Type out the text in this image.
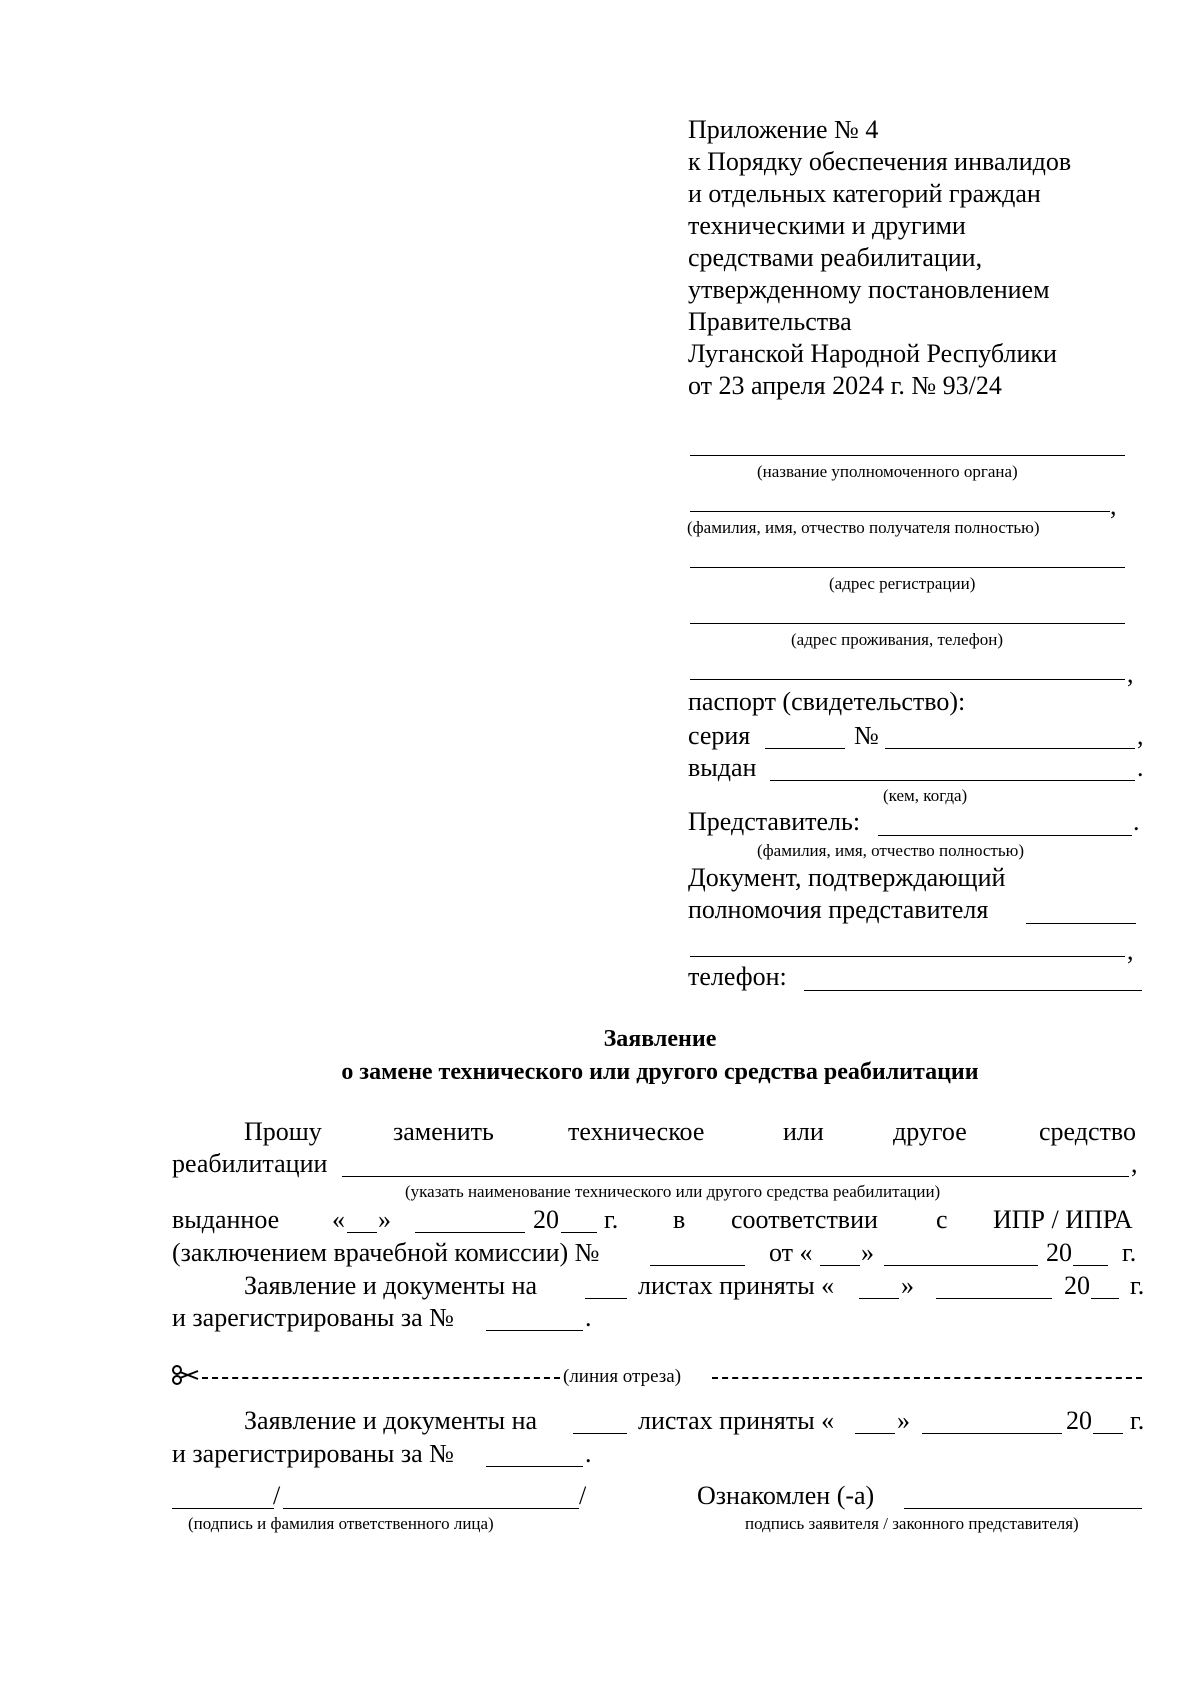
Приложение № 4
к Порядку обеспечения инвалидов
и отдельных категорий граждан
техническими и другими
средствами реабилитации,
утвержденному постановлением
Правительства
Луганской Народной Республики
от 23 апреля 2024 г. № 93/24
(название уполномоченного органа)
,
(фамилия, имя, отчество получателя полностью)
(адрес регистрации)
(адрес проживания, телефон)
,
паспорт (свидетельство):
серия	№	,
выдан	.
(кем, когда)
Представитель:	.
(фамилия, имя, отчество полностью)
Документ, подтверждающий
полномочия представителя
,
телефон:
Заявление
о замене технического или другого средства реабилитации
Прошу	заменить	техническое	или	другое	средство
реабилитации	,
(указать наименование технического или другого средства реабилитации)
выданное « »	20 г. в соответствии с ИПР / ИПРА
(заключением врачебной комиссии) №	от « »	20 г.
Заявление и документы на	листах приняты «	»	20 г.
и зарегистрированы за №	.
(линия отреза)
Заявление и документы на	листах приняты « »	20 г.
и зарегистрированы за №	.
/	/
(подпись и фамилия ответственного лица)
Ознакомлен (-а)
подпись заявителя / законного представителя)
